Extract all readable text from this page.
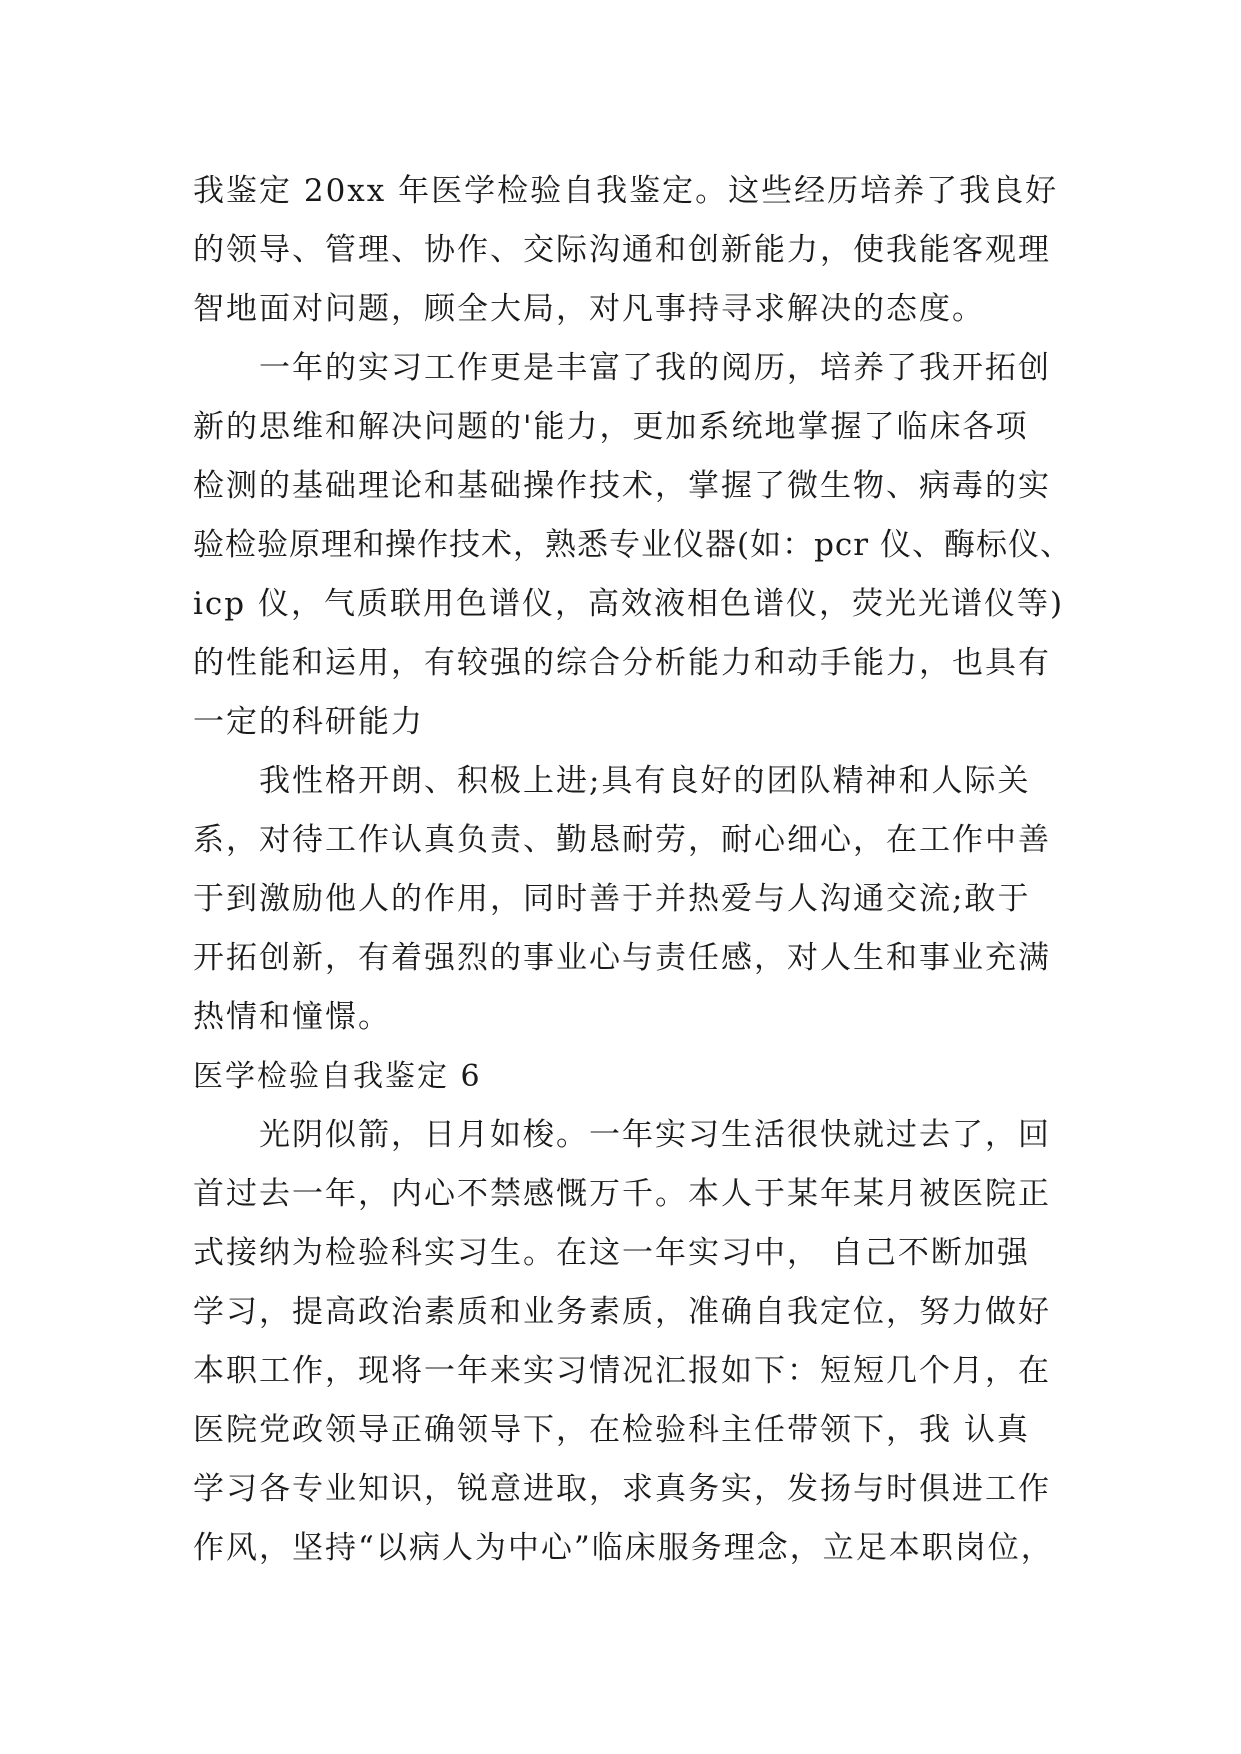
我鉴定 20xx 年医学检验自我鉴定。这些经历培养了我良好
的领导、管理、协作、交际沟通和创新能力，使我能客观理
智地面对问题，顾全大局，对凡事持寻求解决的态度。
一年的实习工作更是丰富了我的阅历，培养了我开拓创
新的思维和解决问题的'能力，更加系统地掌握了临床各项
检测的基础理论和基础操作技术，掌握了微生物、病毒的实
验检验原理和操作技术，熟悉专业仪器(如：pcr 仪、酶标仪、
icp 仪，气质联用色谱仪，高效液相色谱仪，荧光光谱仪等)
的性能和运用，有较强的综合分析能力和动手能力，也具有
一定的科研能力
我性格开朗、积极上进;具有良好的团队精神和人际关
系，对待工作认真负责、勤恳耐劳，耐心细心，在工作中善
于到激励他人的作用，同时善于并热爱与人沟通交流;敢于
开拓创新，有着强烈的事业心与责任感，对人生和事业充满
热情和憧憬。
医学检验自我鉴定 6
光阴似箭，日月如梭。一年实习生活很快就过去了，回
首过去一年，内心不禁感慨万千。本人于某年某月被医院正
式接纳为检验科实习生。在这一年实习中， 自己不断加强
学习，提高政治素质和业务素质，准确自我定位，努力做好
本职工作，现将一年来实习情况汇报如下：短短几个月，在
医院党政领导正确领导下，在检验科主任带领下，我 认真
学习各专业知识，锐意进取，求真务实，发扬与时俱进工作
作风，坚持“以病人为中心”临床服务理念，立足本职岗位，
